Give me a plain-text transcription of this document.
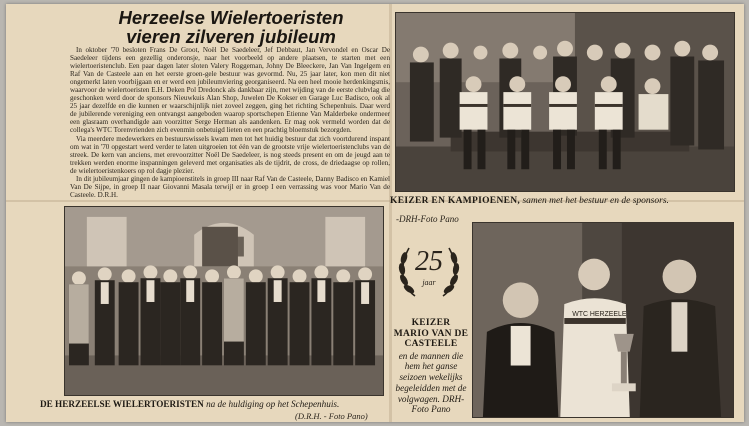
Herzeelse Wielertoeristen
vieren zilveren jubileum

In oktober '70 besloten Frans De Groot, Noël De Saedeleer, Jef Debbaut, Jan Vervondel en Oscar De Saedeleer tijdens een gezellig onderonsje, naar het voorbeeld op andere plaatsen, te starten met een wielertoeristenclub. Een paar dagen later sloten Valery Roggeman, Johny De Bleeckere, Jan Van Ingelgem en Raf Van de Casteele aan en het eerste groen-gele bestuur was gevormd. Nu, 25 jaar later, kon men dit niet ongemerkt laten voorbijgaan en er werd een jubileumviering georganiseerd. Na een heel mooie herdenkingsmis, waarvoor de wielertoeristen E.H. Deken Pol Dredonck als dankbaar zijn, met wijding van de eerste clubvlag die geschonken werd door de sponsors Nieuwkuis Alan Shop, Juwelen De Kokser en Garage Luc Badisco, ook al 25 jaar dezelfde en die kunnen er waarschijnlijk niet zoveel zeggen, ging het richting Schepenhuis. Daar werd de jubilerende vereniging een ontvangst aangeboden waarop sportschepen Etienne Van Malderbeke ondermeer een glasraam overhandigde aan voorzitter Serge Herman als aandenken. Er mag ook vermeld worden dat de collega's WTC Torenvrienden zich evenmin onbetuigd lieten en een prachtig bloemstuk bezorgden.

Via meerdere medewerkers en bestuurswissels kwam men tot het huidig bestuur dat zich voortdurend inspant om wat in '70 opgestart werd verder te laten uitgroeien tot één van de grootste vrije wielertoeristenclubs van de streek. De kern van anciens, met erevoorzitter Noël De Saedeleer, is nog steeds present en om de jeugd aan te trekken werden enorme inspanningen geleverd met organisaties als de tijdrit, de cross, de driedaagse op rollen, de wielertoeristenkoers op rol dagje plezier.

In dit jubileumjaar gingen de kampioenstitels in groep III naar Raf Van de Casteele, Danny Badisco en Kamiel Van De Sijpe, in groep II naar Giovanni Masala terwijl er in groep I een verrassing was voor Mario Van de Casteele. D.R.H.

KEIZER EN KAMPIOENEN, samen met het bestuur en de sponsors.
-DRH-Foto Pano
25
jaar
KEIZER
MARIO VAN DE
CASTEELE
en de mannen die hem het ganse seizoen wekelijks begeleidden met de volgwagen. DRH-Foto Pano
WTC HERZEELE
DE HERZEELSE WIELERTOERISTEN na de huldiging op het Schepenhuis.
(D.R.H. - Foto Pano)
